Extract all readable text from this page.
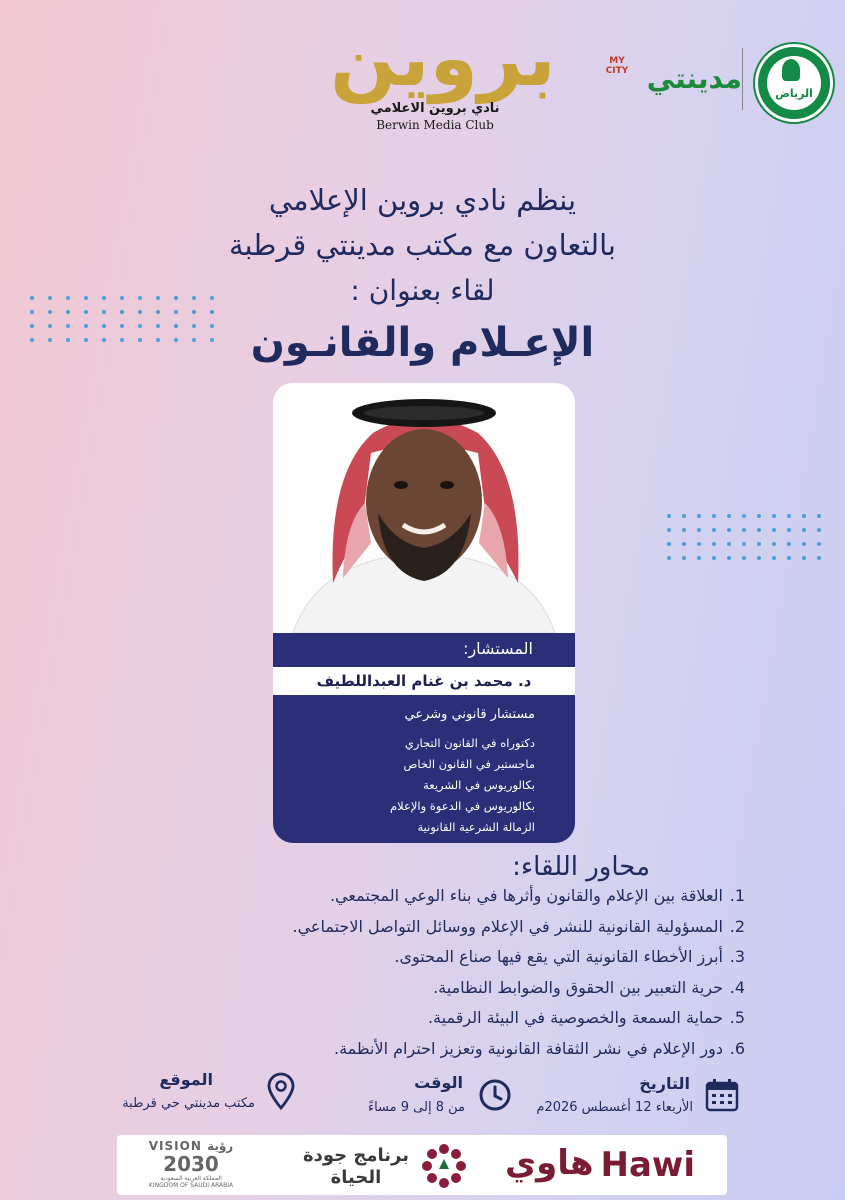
بروين
نادي بروين الاعلامي
Berwin Media Club
MY CITY مدينتي	الرياض
ينظم نادي بروين الإعلامي
بالتعاون مع مكتب مدينتي قرطبة
لقاء بعنوان :
الإعـلام والقانـون
المستشار:
د. محمد بن غنام العبداللطيف
مستشار قانوني وشرعي
دكتوراه في القانون التجاري
ماجستير في القانون الخاص
بكالوريوس في الشريعة
بكالوريوس في الدعوة والإعلام
الزمالة الشرعية القانونية
محاور اللقاء:
1.العلاقة بين الإعلام والقانون وأثرها في بناء الوعي المجتمعي.
2.المسؤولية القانونية للنشر في الإعلام ووسائل التواصل الاجتماعي.
3.أبرز الأخطاء القانونية التي يقع فيها صناع المحتوى.
4.حرية التعبير بين الحقوق والضوابط النظامية.
5.حماية السمعة والخصوصية في البيئة الرقمية.
6.دور الإعلام في نشر الثقافة القانونية وتعزيز احترام الأنظمة.
التاريخ
الأربعاء 12 أغسطس 2026م
الوقت
من 8 إلى 9 مساءً
الموقع
مكتب مدينتي حي قرطبة
VISION رؤية
2030
المملكة العربية السعودية
KINGDOM OF SAUDI ARABIA
برنامج جودة الحياة	هاوي Hawi
